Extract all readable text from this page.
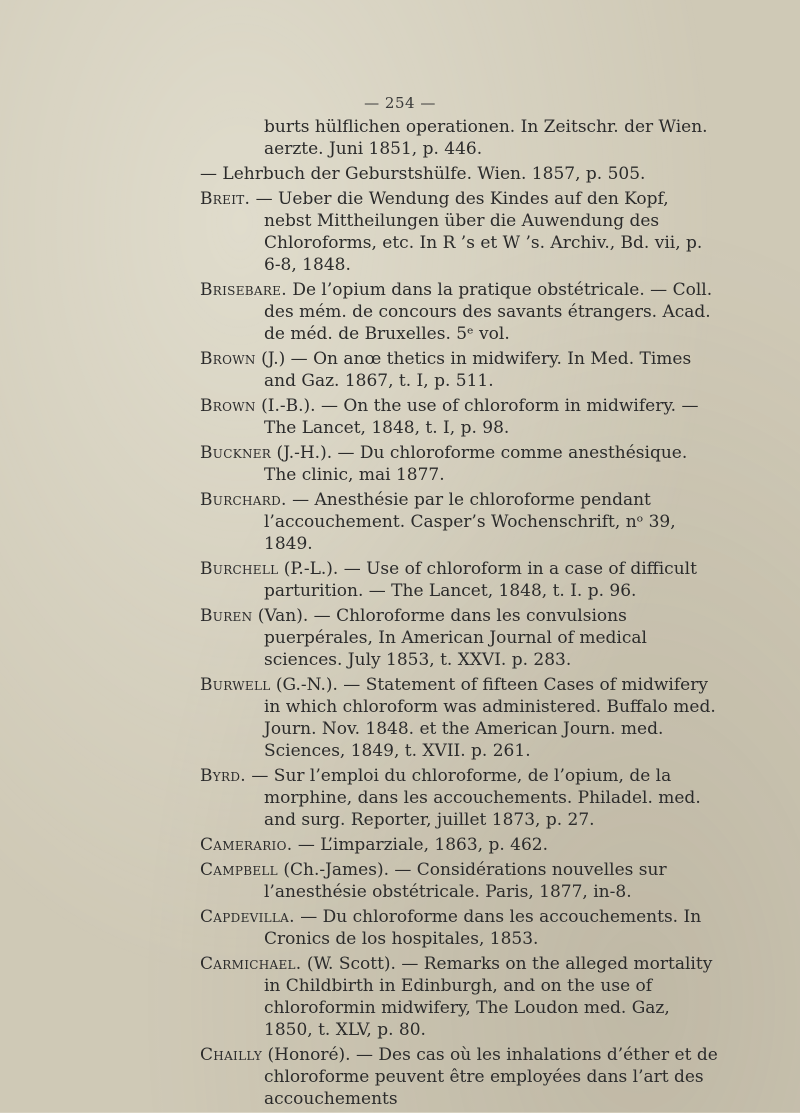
— 254 —

burts hülflichen operationen. In Zeitschr. der Wien. aerzte. Juni 1851, p. 446.

— Lehrbuch der Geburstshülfe. Wien. 1857, p. 505.

Breit. — Ueber die Wendung des Kindes auf den Kopf, nebst Mittheilungen über die Auwendung des Chloroforms, etc. In R ’s et W ’s. Archiv., Bd. vii, p. 6-8, 1848.

Brisebare. De l’opium dans la pratique obstétricale. — Coll. des mém. de concours des savants étrangers. Acad. de méd. de Bruxelles. 5ᵉ vol.

Brown (J.) — On anœ thetics in midwifery. In Med. Times and Gaz. 1867, t. I, p. 511.

Brown (I.-B.). — On the use of chloroform in midwifery. — The Lancet, 1848, t. I, p. 98.

Buckner (J.-H.). — Du chloroforme comme anesthésique. The clinic, mai 1877.

Burchard. — Anesthésie par le chloroforme pendant l’accouchement. Casper’s Wochenschrift, nᵒ 39, 1849.

Burchell (P.-L.). — Use of chloroform in a case of difficult parturition. — The Lancet, 1848, t. I. p. 96.

Buren (Van). — Chloroforme dans les convulsions puerpérales, In American Journal of medical sciences. July 1853, t. XXVI. p. 283.

Burwell (G.-N.). — Statement of fifteen Cases of midwifery in which chloroform was administered. Buffalo med. Journ. Nov. 1848. et the American Journ. med. Sciences, 1849, t. XVII. p. 261.

Byrd. — Sur l’emploi du chloroforme, de l’opium, de la morphine, dans les accouchements. Philadel. med. and surg. Reporter, juillet 1873, p. 27.

Camerario. — L’imparziale, 1863, p. 462.

Campbell (Ch.-James). — Considérations nouvelles sur l’anesthésie obstétricale. Paris, 1877, in-8.

Capdevilla. — Du chloroforme dans les accouchements. In Cronics de los hospitales, 1853.

Carmichael. (W. Scott). — Remarks on the alleged mortality in Childbirth in Edinburgh, and on the use of chloroformin midwifery, The Loudon med. Gaz, 1850, t. XLV, p. 80.

Chailly (Honoré). — Des cas où les inhalations d’éther et de chloroforme peuvent être employées dans l’art des accouchements
